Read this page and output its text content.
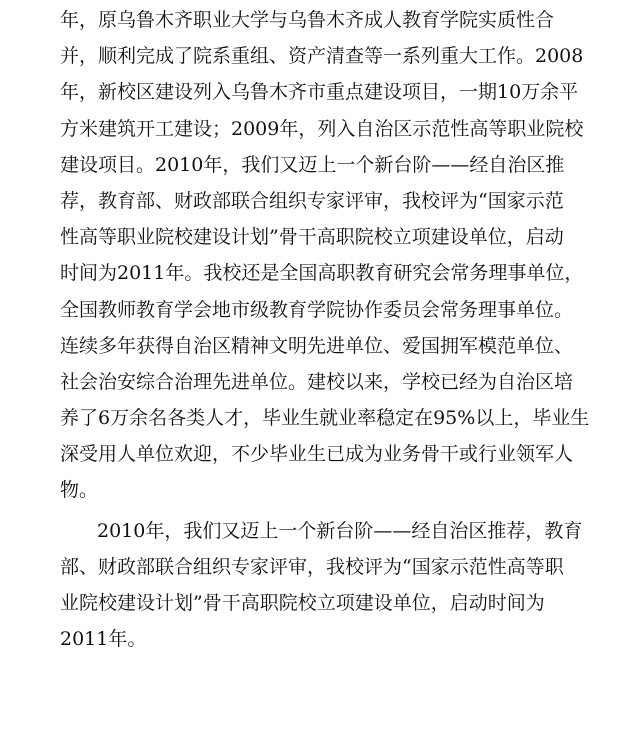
年，原乌鲁木齐职业大学与乌鲁木齐成人教育学院实质性合
并，顺利完成了院系重组、资产清查等一系列重大工作。2008
年，新校区建设列入乌鲁木齐市重点建设项目，一期10万余平
方米建筑开工建设；2009年，列入自治区示范性高等职业院校
建设项目。2010年，我们又迈上一个新台阶——经自治区推
荐，教育部、财政部联合组织专家评审，我校评为“国家示范
性高等职业院校建设计划”骨干高职院校立项建设单位，启动
时间为2011年。我校还是全国高职教育研究会常务理事单位，
全国教师教育学会地市级教育学院协作委员会常务理事单位。
连续多年获得自治区精神文明先进单位、爱国拥军模范单位、
社会治安综合治理先进单位。建校以来，学校已经为自治区培
养了6万余名各类人才，毕业生就业率稳定在95%以上，毕业生
深受用人单位欢迎，不少毕业生已成为业务骨干或行业领军人
物。
2010年，我们又迈上一个新台阶——经自治区推荐，教育
部、财政部联合组织专家评审，我校评为“国家示范性高等职
业院校建设计划”骨干高职院校立项建设单位，启动时间为
2011年。
